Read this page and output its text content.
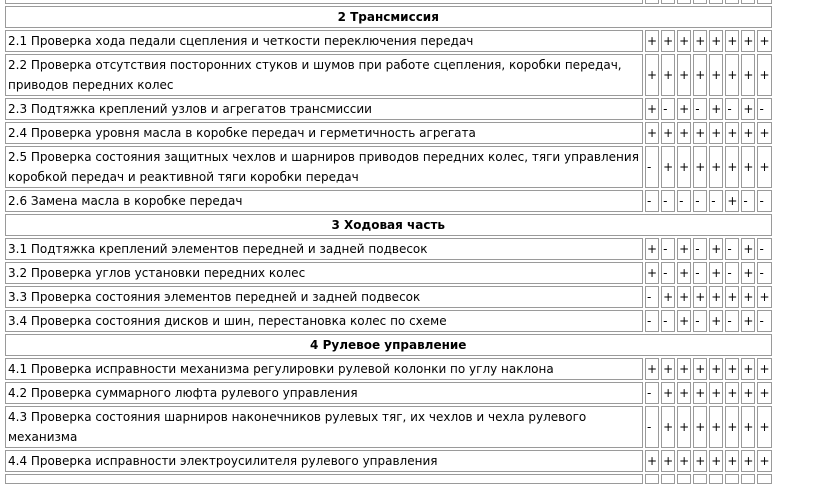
2 Трансмиссия								
2.1 Проверка хода педали сцепления и четкости переключения передач	+	+	+	+	+	+	+	+
2.2 Проверка отсутствия посторонних стуков и шумов при работе сцепления, коробки передач, приводов передних колес	+	+	+	+	+	+	+	+
2.3 Подтяжка креплений узлов и агрегатов трансмиссии	+	-	+	-	+	-	+	-
2.4 Проверка уровня масла в коробке передач и герметичность агрегата	+	+	+	+	+	+	+	+
2.5 Проверка состояния защитных чехлов и шарниров приводов передних колес, тяги управления коробкой передач и реактивной тяги коробки передач	-	+	+	+	+	+	+	+
2.6 Замена масла в коробке передач	-	-	-	-	-	+	-	-
3 Ходовая часть								
3.1 Подтяжка креплений элементов передней и задней подвесок	+	-	+	-	+	-	+	-
3.2 Проверка углов установки передних колес	+	-	+	-	+	-	+	-
3.3 Проверка состояния элементов передней и задней подвесок	-	+	+	+	+	+	+	+
3.4 Проверка состояния дисков и шин, перестановка колес по схеме	-	-	+	-	+	-	+	-
4 Рулевое управление								
4.1 Проверка исправности механизма регулировки рулевой колонки по углу наклона	+	+	+	+	+	+	+	+
4.2 Проверка суммарного люфта рулевого управления	-	+	+	+	+	+	+	+
4.3 Проверка состояния шарниров наконечников рулевых тяг, их чехлов и чехла рулевого механизма	-	+	+	+	+	+	+	+
4.4 Проверка исправности электроусилителя рулевого управления	+	+	+	+	+	+	+	+
